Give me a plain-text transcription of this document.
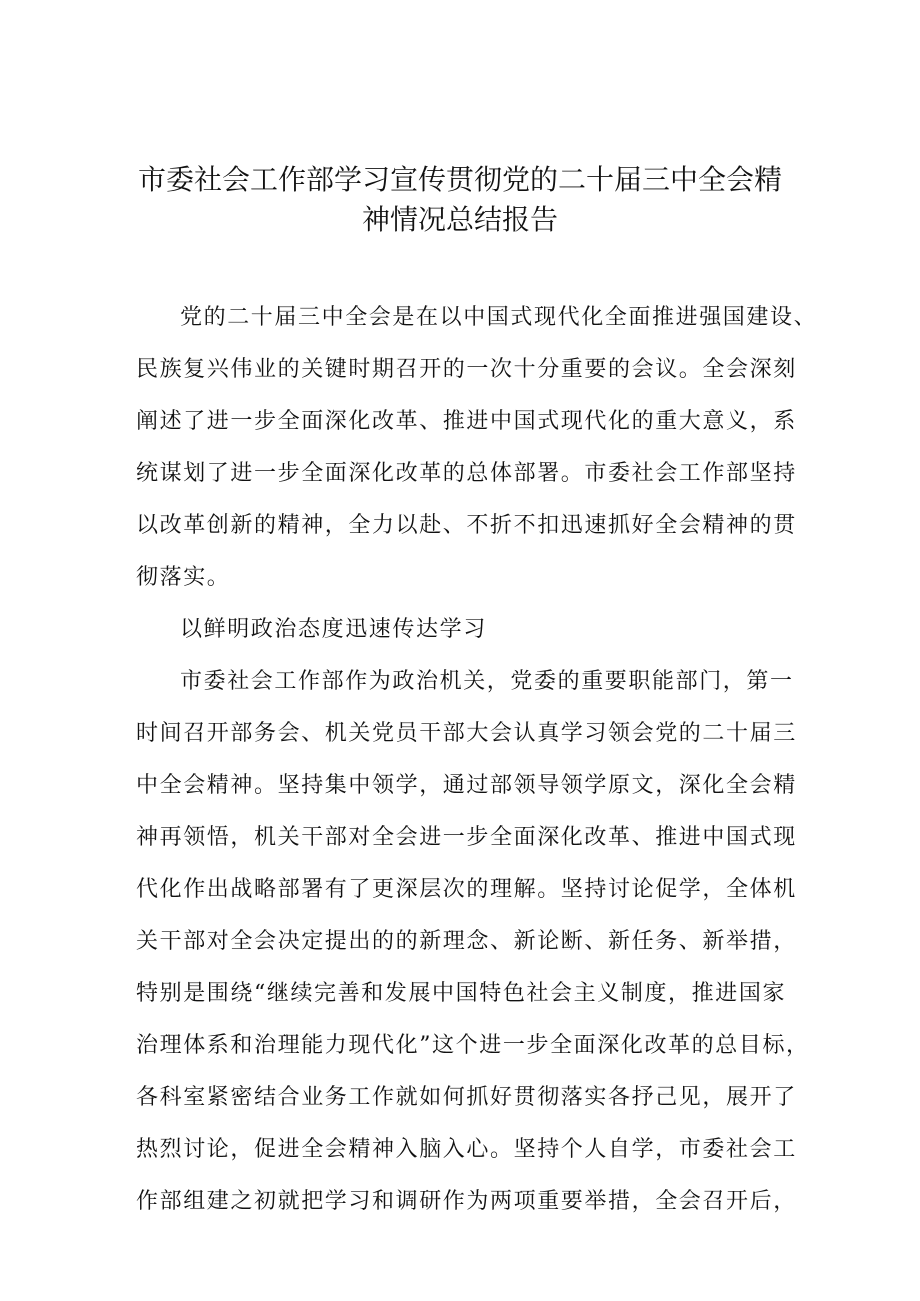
市委社会工作部学习宣传贯彻党的二十届三中全会精
神情况总结报告
党的二十届三中全会是在以中国式现代化全面推进强国建设、
民族复兴伟业的关键时期召开的一次十分重要的会议。全会深刻
阐述了进一步全面深化改革、推进中国式现代化的重大意义，系
统谋划了进一步全面深化改革的总体部署。市委社会工作部坚持
以改革创新的精神，全力以赴、不折不扣迅速抓好全会精神的贯
彻落实。
以鲜明政治态度迅速传达学习
市委社会工作部作为政治机关，党委的重要职能部门，第一
时间召开部务会、机关党员干部大会认真学习领会党的二十届三
中全会精神。坚持集中领学，通过部领导领学原文，深化全会精
神再领悟，机关干部对全会进一步全面深化改革、推进中国式现
代化作出战略部署有了更深层次的理解。坚持讨论促学，全体机
关干部对全会决定提出的的新理念、新论断、新任务、新举措，
特别是围绕“继续完善和发展中国特色社会主义制度，推进国家
治理体系和治理能力现代化”这个进一步全面深化改革的总目标，
各科室紧密结合业务工作就如何抓好贯彻落实各抒己见，展开了
热烈讨论，促进全会精神入脑入心。坚持个人自学，市委社会工
作部组建之初就把学习和调研作为两项重要举措，全会召开后，
